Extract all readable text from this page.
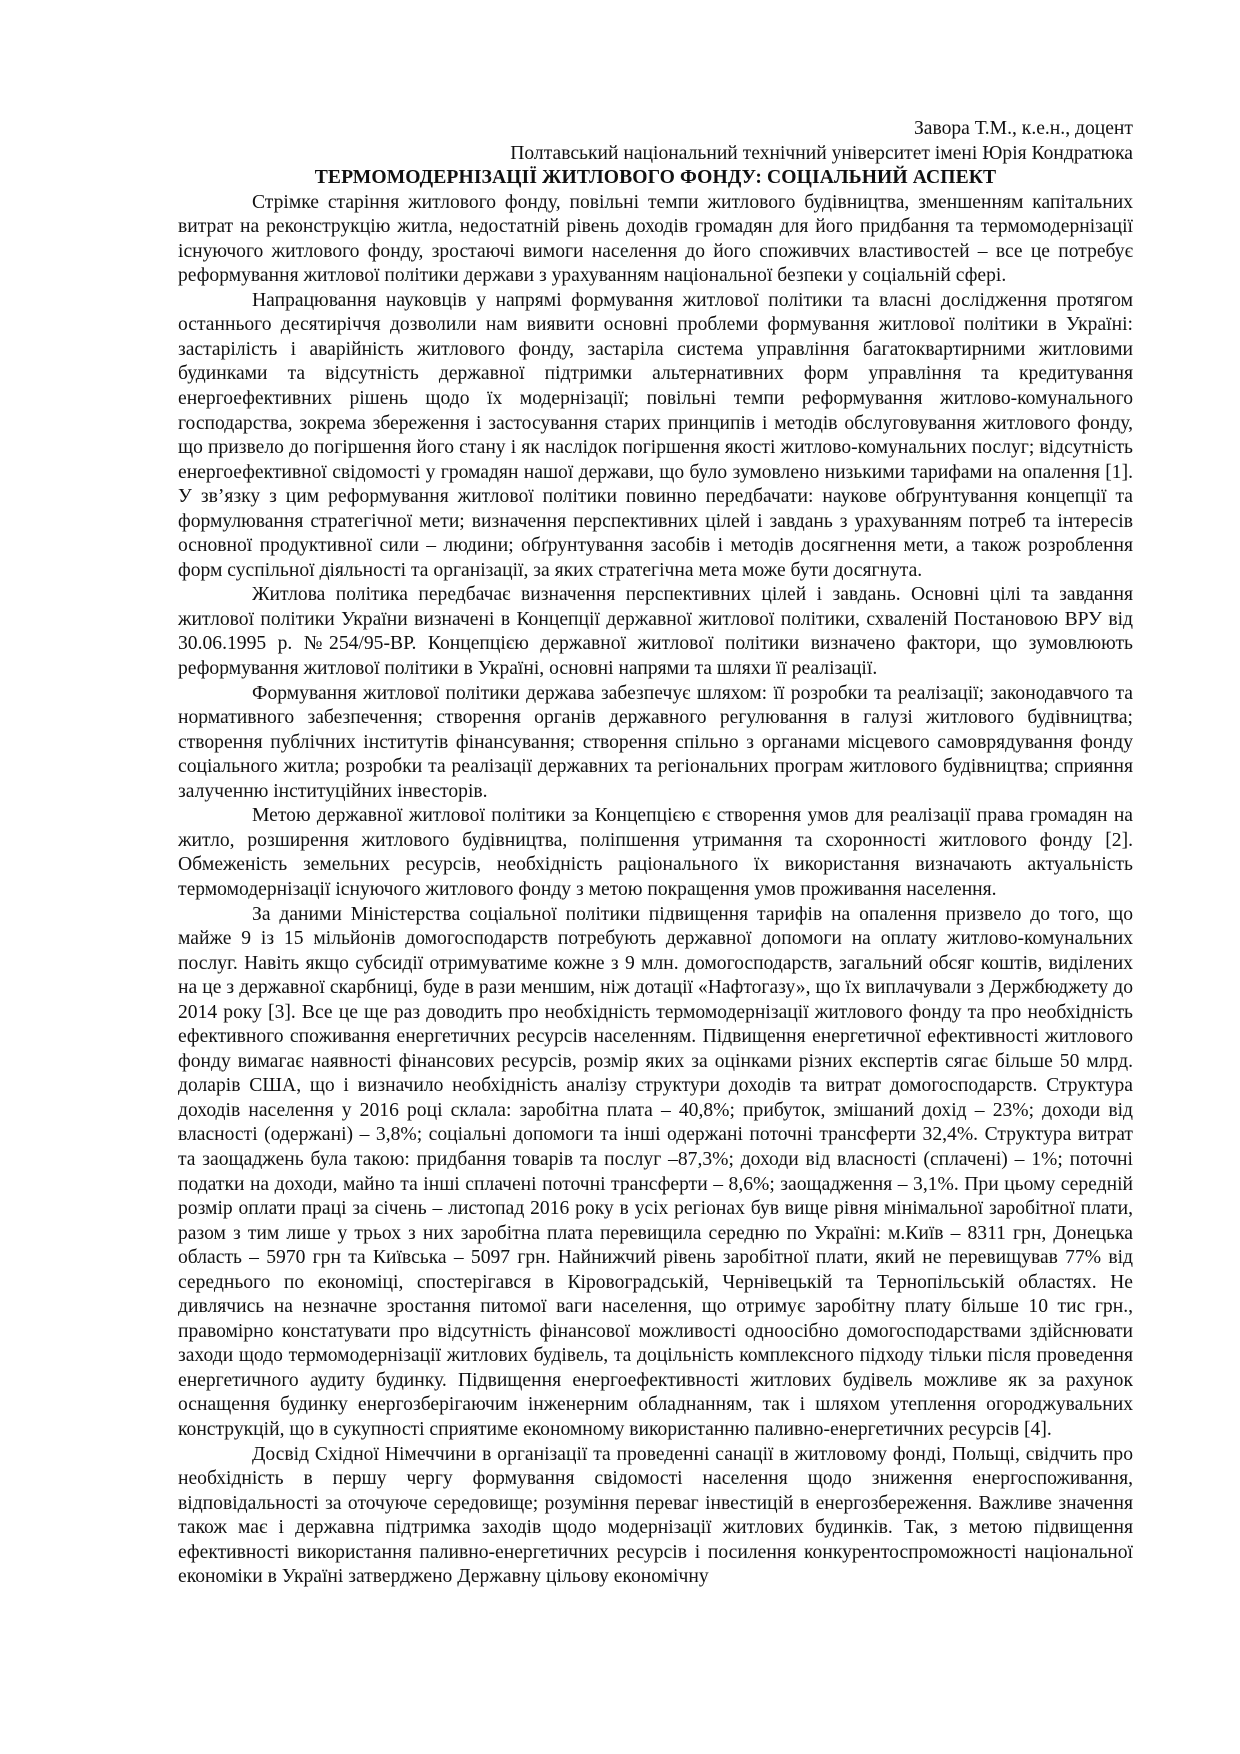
Завора Т.М., к.е.н., доцент

Полтавський національний технічний університет імені Юрія Кондратюка

ТЕРМОМОДЕРНІЗАЦІЇ ЖИТЛОВОГО ФОНДУ: СОЦІАЛЬНИЙ АСПЕКТ

Стрімке старіння житлового фонду, повільні темпи житлового будівництва, зменшенням капітальних витрат на реконструкцію житла, недостатній рівень доходів громадян для його придбання та термомодернізації існуючого житлового фонду, зростаючі вимоги населення до його споживчих властивостей – все це потребує реформування житлової політики держави з урахуванням національної безпеки у соціальній сфері.

Напрацювання науковців у напрямі формування житлової політики та власні дослідження протягом останнього десятиріччя дозволили нам виявити основні проблеми формування житлової політики в Україні: застарілість і аварійність житлового фонду, застаріла система управління багатоквартирними житловими будинками та відсутність державної підтримки альтернативних форм управління та кредитування енергоефективних рішень щодо їх модернізації; повільні темпи реформування житлово-комунального господарства, зокрема збереження і застосування старих принципів і методів обслуговування житлового фонду, що призвело до погіршення його стану і як наслідок погіршення якості житлово-комунальних послуг; відсутність енергоефективної свідомості у громадян нашої держави, що було зумовлено низькими тарифами на опалення [1]. У зв’язку з цим реформування житлової політики повинно передбачати: наукове обґрунтування концепції та формулювання стратегічної мети; визначення перспективних цілей і завдань з урахуванням потреб та інтересів основної продуктивної сили – людини; обґрунтування засобів і методів досягнення мети, а також розроблення форм суспільної діяльності та організації, за яких стратегічна мета може бути досягнута.

Житлова політика передбачає визначення перспективних цілей і завдань. Основні цілі та завдання житлової політики України визначені в Концепції державної житлової політики, схваленій Постановою ВРУ від 30.06.1995 р. №254/95-ВР. Концепцією державної житлової політики визначено фактори, що зумовлюють реформування житлової політики в Україні, основні напрями та шляхи її реалізації.

Формування житлової політики держава забезпечує шляхом: її розробки та реалізації; законодавчого та нормативного забезпечення; створення органів державного регулювання в галузі житлового будівництва; створення публічних інститутів фінансування; створення спільно з органами місцевого самоврядування фонду соціального житла; розробки та реалізації державних та регіональних програм житлового будівництва; сприяння залученню інституційних інвесторів.

Метою державної житлової політики за Концепцією є створення умов для реалізації права громадян на житло, розширення житлового будівництва, поліпшення утримання та схоронності житлового фонду [2]. Обмеженість земельних ресурсів, необхідність раціонального їх використання визначають актуальність термомодернізації існуючого житлового фонду з метою покращення умов проживання населення.

За даними Міністерства соціальної політики підвищення тарифів на опалення призвело до того, що майже 9 із 15 мільйонів домогосподарств потребують державної допомоги на оплату житлово-комунальних послуг. Навіть якщо субсидії отримуватиме кожне з 9 млн. домогосподарств, загальний обсяг коштів, виділених на це з державної скарбниці, буде в рази меншим, ніж дотації «Нафтогазу», що їх виплачували з Держбюджету до 2014 року [3]. Все це ще раз доводить про необхідність термомодернізації житлового фонду та про необхідність ефективного споживання енергетичних ресурсів населенням. Підвищення енергетичної ефективності житлового фонду вимагає наявності фінансових ресурсів, розмір яких за оцінками різних експертів сягає більше 50 млрд. доларів США, що і визначило необхідність аналізу структури доходів та витрат домогосподарств. Структура доходів населення у 2016 році склала: заробітна плата – 40,8%; прибуток, змішаний дохід – 23%; доходи від власності (одержані) – 3,8%; соціальні допомоги та інші одержані поточні трансферти 32,4%. Структура витрат та заощаджень була такою: придбання товарів та послуг –87,3%; доходи від власності (сплачені) – 1%; поточні податки на доходи, майно та інші сплачені поточні трансферти – 8,6%; заощадження – 3,1%. При цьому середній розмір оплати праці за січень – листопад 2016 року в усіх регіонах був вище рівня мінімальної заробітної плати, разом з тим лише у трьох з них заробітна плата перевищила середню по Україні: м.Київ – 8311 грн, Донецька область – 5970 грн та Київська – 5097 грн. Найнижчий рівень заробітної плати, який не перевищував 77% від середнього по економіці, спостерігався в Кіровоградській, Чернівецькій та Тернопільській областях. Не дивлячись на незначне зростання питомої ваги населення, що отримує заробітну плату більше 10 тис грн., правомірно констатувати про відсутність фінансової можливості одноосібно домогосподарствами здійснювати заходи щодо термомодернізації житлових будівель, та доцільність комплексного підходу тільки після проведення енергетичного аудиту будинку. Підвищення енергоефективності житлових будівель можливе як за рахунок оснащення будинку енергозберігаючим інженерним обладнанням, так і шляхом утеплення огороджувальних конструкцій, що в сукупності сприятиме економному використанню паливно-енергетичних ресурсів [4].

Досвід Східної Німеччини в організації та проведенні санації в житловому фонді, Польщі, свідчить про необхідність в першу чергу формування свідомості населення щодо зниження енергоспоживання, відповідальності за оточуюче середовище; розуміння переваг інвестицій в енергозбереження. Важливе значення також має і державна підтримка заходів щодо модернізації житлових будинків. Так, з метою підвищення ефективності використання паливно-енергетичних ресурсів і посилення конкурентоспроможності національної економіки в Україні затверджено Державну цільову економічну
